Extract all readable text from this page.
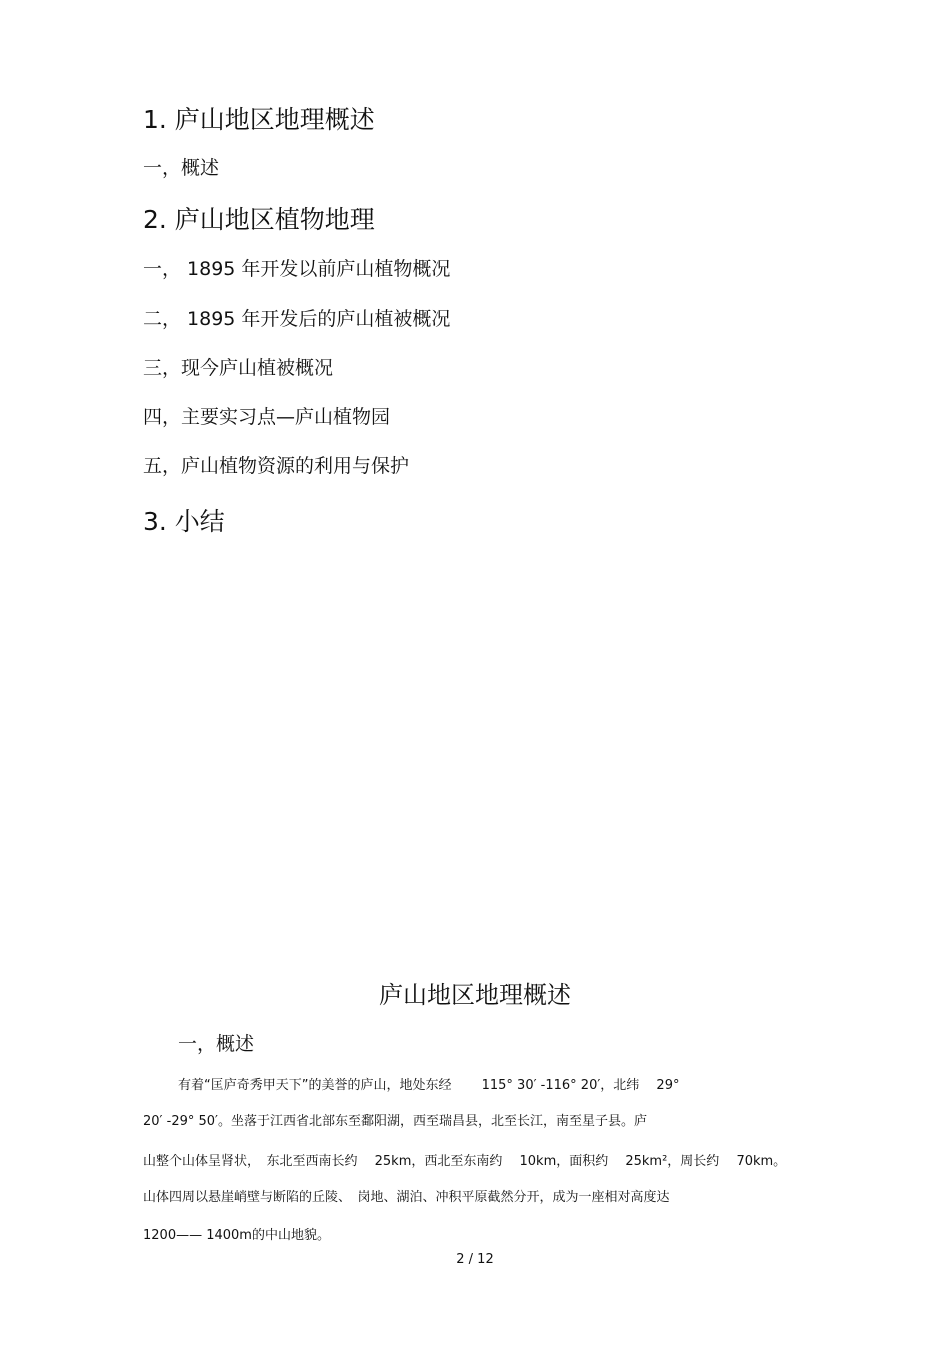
1. 庐山地区地理概述
一，概述
2. 庐山地区植物地理
一， 1895 年开发以前庐山植物概况
二， 1895 年开发后的庐山植被概况
三，现今庐山植被概况
四，主要实习点—庐山植物园
五，庐山植物资源的利用与保护
3. 小结
庐山地区地理概述
一，概述
有着“匡庐奇秀甲天下”的美誉的庐山，地处东经 　　115° 30′ -116° 20′，北纬 　29°
20′ -29° 50′。坐落于江西省北部东至鄱阳湖，西至瑞昌县，北至长江，南至星子县。庐
山整个山体呈肾状，　东北至西南长约 　25km，西北至东南约 　10km，面积约 　25km²，周长约 　70km。
山体四周以悬崖峭壁与断陷的丘陵、　岗地、湖泊、冲积平原截然分开，成为一座相对高度达
1200—— 1400m的中山地貌。
2 / 12
